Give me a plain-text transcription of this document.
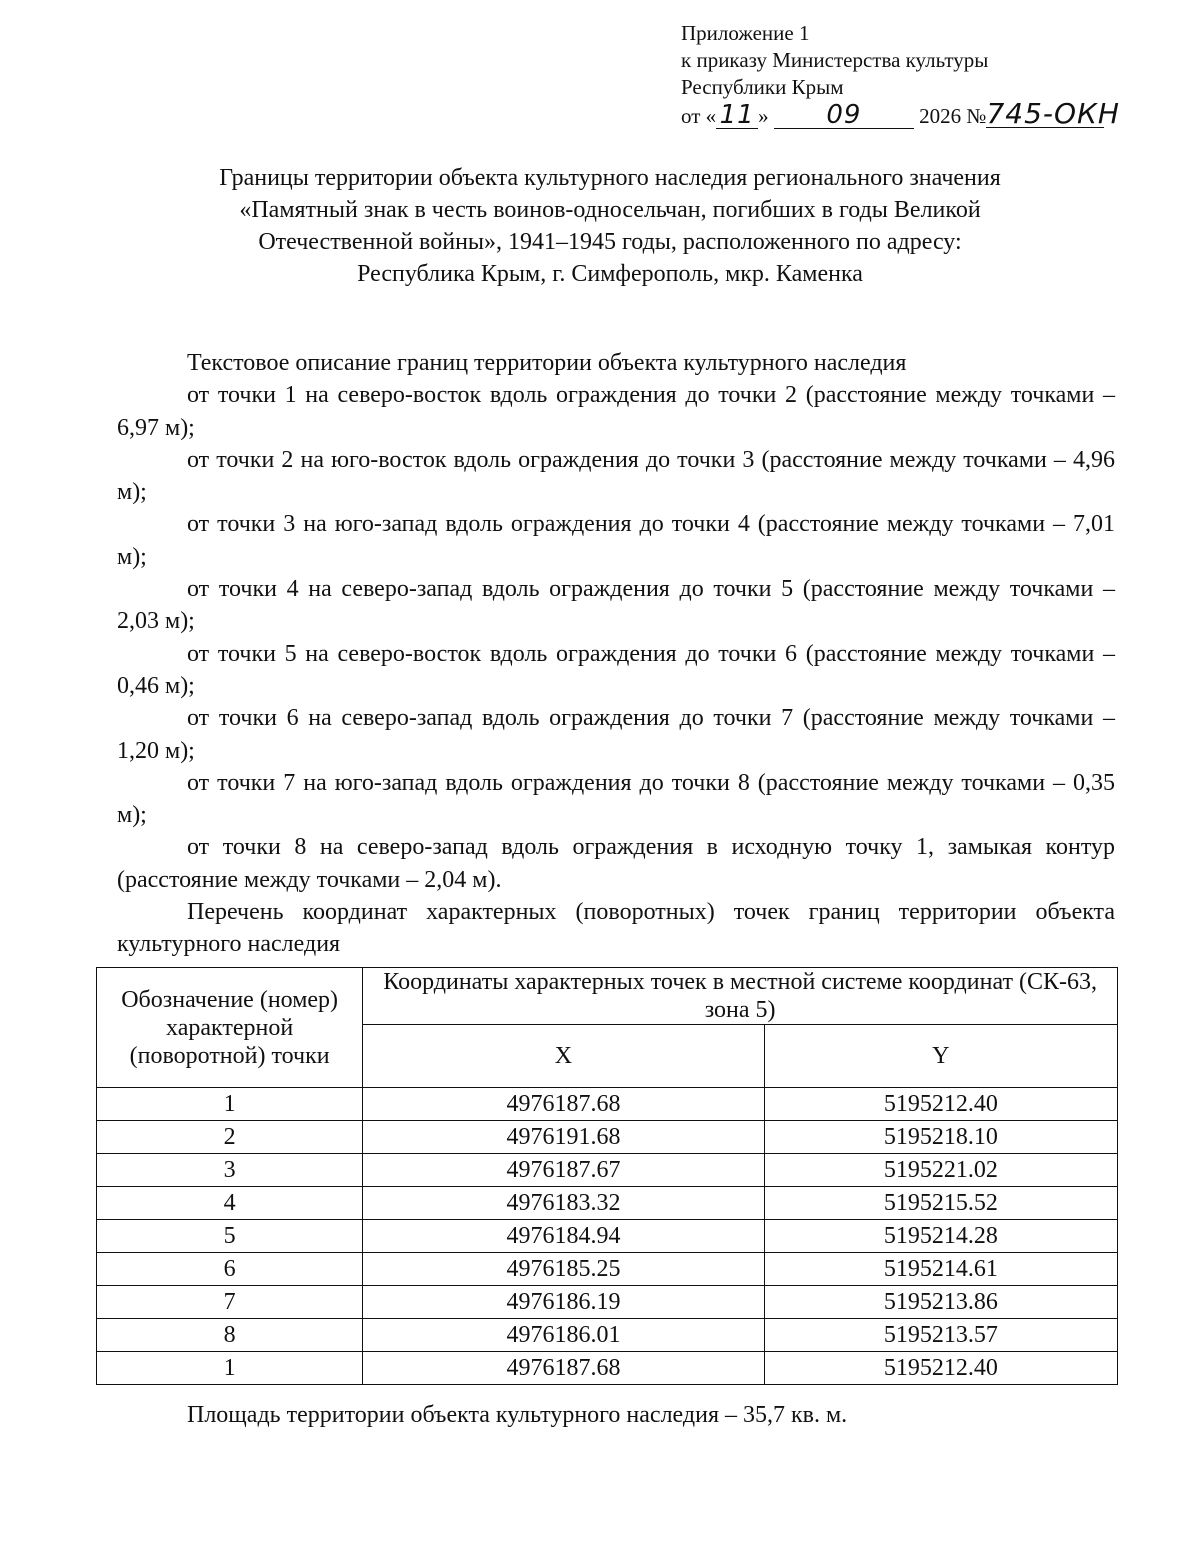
Приложение 1
к приказу Министерства культуры
Республики Крым
от « 11 » 09	2026 №745-ОКН
Границы территории объекта культурного наследия регионального значения
«Памятный знак в честь воинов-односельчан, погибших в годы Великой
Отечественной войны», 1941–1945 годы, расположенного по адресу:
Республика Крым, г. Симферополь, мкр. Каменка

Текстовое описание границ территории объекта культурного наследия

от точки 1 на северо-восток вдоль ограждения до точки 2 (расстояние между точками – 6,97 м);

от точки 2 на юго-восток вдоль ограждения до точки 3 (расстояние между точками – 4,96 м);

от точки 3 на юго-запад вдоль ограждения до точки 4 (расстояние между точками – 7,01 м);

от точки 4 на северо-запад вдоль ограждения до точки 5 (расстояние между точками – 2,03 м);

от точки 5 на северо-восток вдоль ограждения до точки 6 (расстояние между точками – 0,46 м);

от точки 6 на северо-запад вдоль ограждения до точки 7 (расстояние между точками – 1,20 м);

от точки 7 на юго-запад вдоль ограждения до точки 8 (расстояние между точками – 0,35 м);

от точки 8 на северо-запад вдоль ограждения в исходную точку 1, замыкая контур (расстояние между точками – 2,04 м).

Перечень координат характерных (поворотных) точек границ территории объекта культурного наследия

Обозначение (номер) характерной (поворотной) точки	Координаты характерных точек в местной системе координат (СК-63, зона 5)	
	X	Y
1	4976187.68	5195212.40
2	4976191.68	5195218.10
3	4976187.67	5195221.02
4	4976183.32	5195215.52
5	4976184.94	5195214.28
6	4976185.25	5195214.61
7	4976186.19	5195213.86
8	4976186.01	5195213.57
1	4976187.68	5195212.40
Площадь территории объекта культурного наследия – 35,7 кв. м.
